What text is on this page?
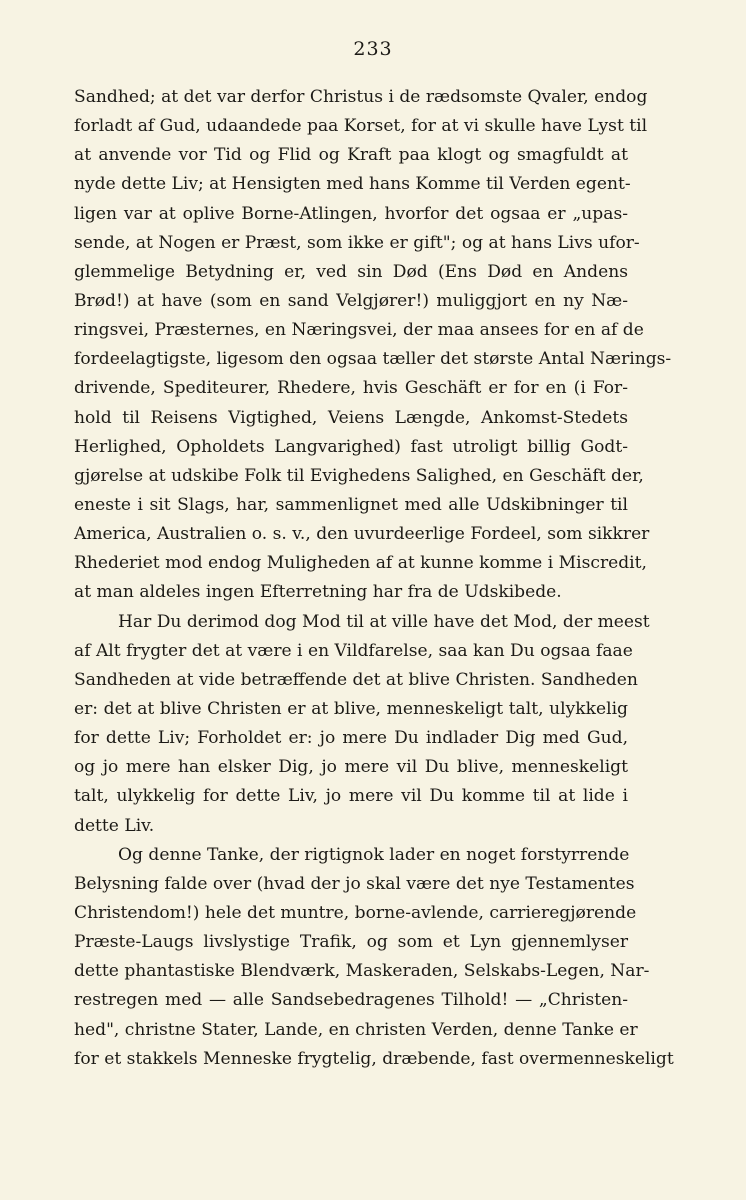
233
Sandhed; at det var derfor Christus i de rædsomste Qvaler, endog
forladt af Gud, udaandede paa Korset, for at vi skulle have Lyst til
at anvende vor Tid og Flid og Kraft paa klogt og smagfuldt at
nyde dette Liv; at Hensigten med hans Komme til Verden egent-
ligen var at oplive Borne-Atlingen, hvorfor det ogsaa er „upas-
sende, at Nogen er Præst, som ikke er gift"; og at hans Livs ufor-
glemmelige Betydning er, ved sin Død (Ens Død en Andens
Brød!) at have (som en sand Velgjører!) muliggjort en ny Næ-
ringsvei, Præsternes, en Næringsvei, der maa ansees for en af de
fordeelagtigste, ligesom den ogsaa tæller det største Antal Nærings-
drivende, Spediteurer, Rhedere, hvis Geschäft er for en (i For-
hold til Reisens Vigtighed, Veiens Længde, Ankomst-Stedets
Herlighed, Opholdets Langvarighed) fast utroligt billig Godt-
gjørelse at udskibe Folk til Evighedens Salighed, en Geschäft der,
eneste i sit Slags, har, sammenlignet med alle Udskibninger til
America, Australien o. s. v., den uvurdeerlige Fordeel, som sikkrer
Rhederiet mod endog Muligheden af at kunne komme i Miscredit,
at man aldeles ingen Efterretning har fra de Udskibede.
Har Du derimod dog Mod til at ville have det Mod, der meest
af Alt frygter det at være i en Vildfarelse, saa kan Du ogsaa faae
Sandheden at vide betræffende det at blive Christen. Sandheden
er: det at blive Christen er at blive, menneskeligt talt, ulykkelig
for dette Liv; Forholdet er: jo mere Du indlader Dig med Gud,
og jo mere han elsker Dig, jo mere vil Du blive, menneskeligt
talt, ulykkelig for dette Liv, jo mere vil Du komme til at lide i
dette Liv.
Og denne Tanke, der rigtignok lader en noget forstyrrende
Belysning falde over (hvad der jo skal være det nye Testamentes
Christendom!) hele det muntre, borne-avlende, carrieregjørende
Præste-Laugs livslystige Trafik, og som et Lyn gjennemlyser
dette phantastiske Blendværk, Maskeraden, Selskabs-Legen, Nar-
restregen med — alle Sandsebedragenes Tilhold! — „Christen-
hed", christne Stater, Lande, en christen Verden, denne Tanke er
for et stakkels Menneske frygtelig, dræbende, fast overmenneskeligt
